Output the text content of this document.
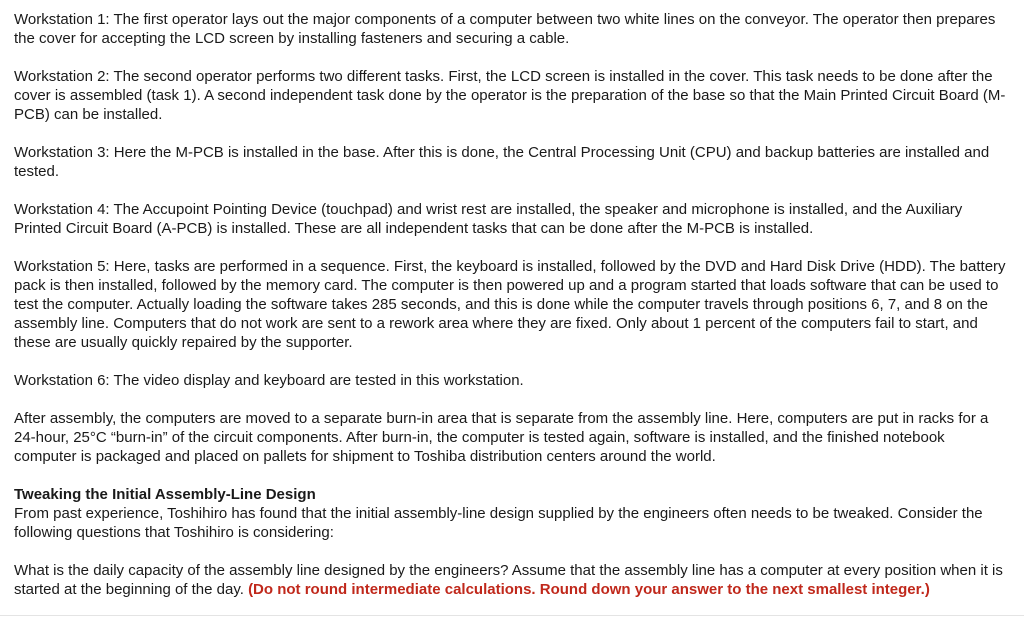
Workstation 1: The first operator lays out the major components of a computer between two white lines on the conveyor. The operator then prepares the cover for accepting the LCD screen by installing fasteners and securing a cable.

Workstation 2: The second operator performs two different tasks. First, the LCD screen is installed in the cover. This task needs to be done after the cover is assembled (task 1). A second independent task done by the operator is the preparation of the base so that the Main Printed Circuit Board (M-PCB) can be installed.

Workstation 3: Here the M-PCB is installed in the base. After this is done, the Central Processing Unit (CPU) and backup batteries are installed and tested.

Workstation 4: The Accupoint Pointing Device (touchpad) and wrist rest are installed, the speaker and microphone is installed, and the Auxiliary Printed Circuit Board (A-PCB) is installed. These are all independent tasks that can be done after the M-PCB is installed.

Workstation 5: Here, tasks are performed in a sequence. First, the keyboard is installed, followed by the DVD and Hard Disk Drive (HDD). The battery pack is then installed, followed by the memory card. The computer is then powered up and a program started that loads software that can be used to test the computer. Actually loading the software takes 285 seconds, and this is done while the computer travels through positions 6, 7, and 8 on the assembly line. Computers that do not work are sent to a rework area where they are fixed. Only about 1 percent of the computers fail to start, and these are usually quickly repaired by the supporter.

Workstation 6: The video display and keyboard are tested in this workstation.

After assembly, the computers are moved to a separate burn-in area that is separate from the assembly line. Here, computers are put in racks for a 24-hour, 25°C “burn-in” of the circuit components. After burn-in, the computer is tested again, software is installed, and the finished notebook computer is packaged and placed on pallets for shipment to Toshiba distribution centers around the world.

Tweaking the Initial Assembly-Line Design
From past experience, Toshihiro has found that the initial assembly-line design supplied by the engineers often needs to be tweaked. Consider the following questions that Toshihiro is considering:

What is the daily capacity of the assembly line designed by the engineers? Assume that the assembly line has a computer at every position when it is started at the beginning of the day. (Do not round intermediate calculations. Round down your answer to the next smallest integer.)
